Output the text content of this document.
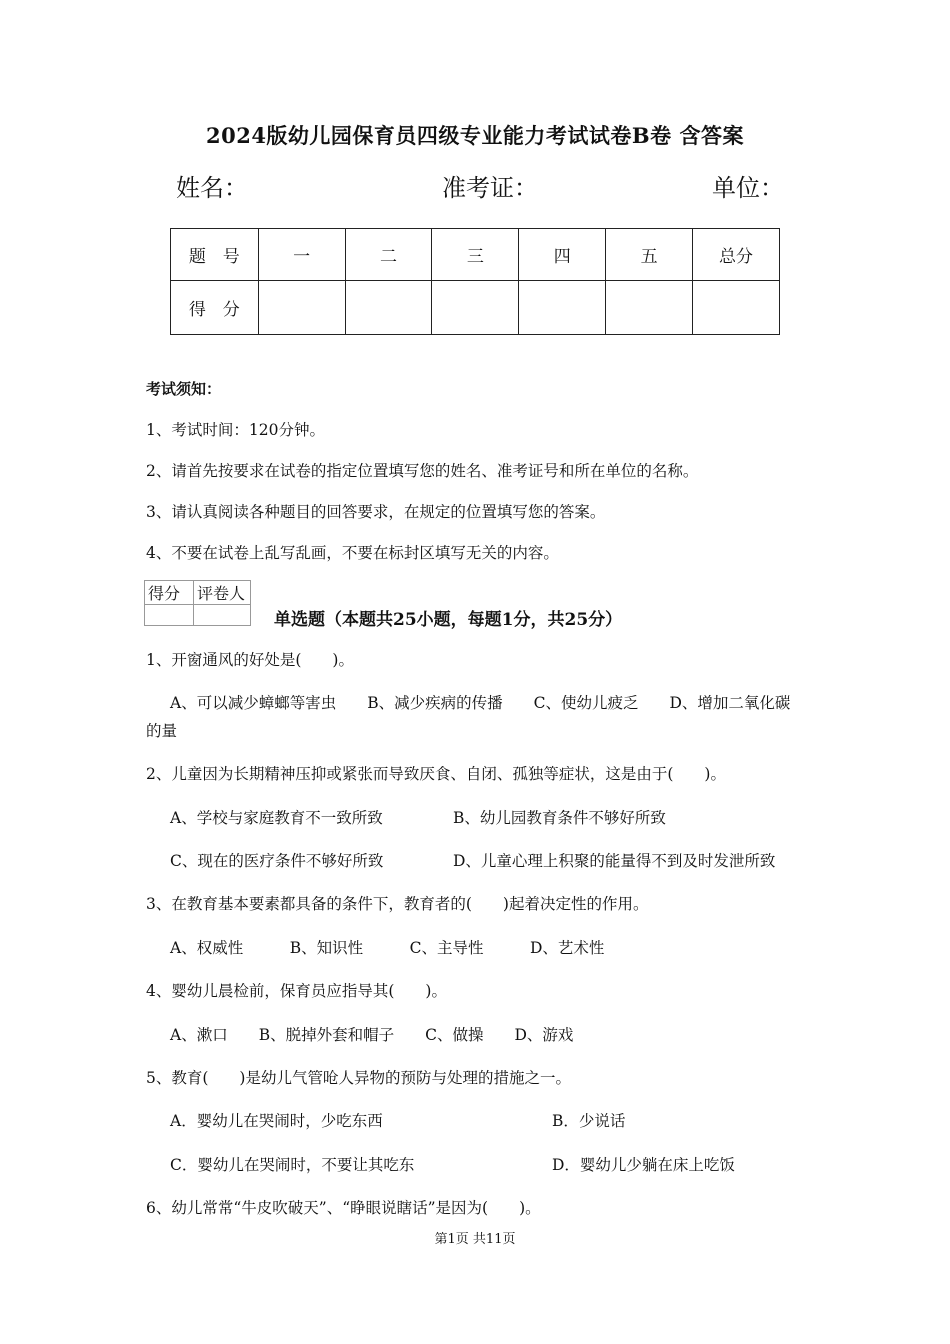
2024版幼儿园保育员四级专业能力考试试卷B卷 含答案
姓名：	准考证：	单位：
题　号	一	二	三	四	五	总分
得　分						
考试须知：
1、考试时间：120分钟。
2、请首先按要求在试卷的指定位置填写您的姓名、准考证号和所在单位的名称。
3、请认真阅读各种题目的回答要求，在规定的位置填写您的答案。
4、不要在试卷上乱写乱画，不要在标封区填写无关的内容。
得分	评卷人

单选题（本题共25小题，每题1分，共25分）
1、开窗通风的好处是(　　)。
A、可以减少蟑螂等害虫　　B、减少疾病的传播　　C、使幼儿疲乏　　D、增加二氧化碳
的量
2、儿童因为长期精神压抑或紧张而导致厌食、自闭、孤独等症状，这是由于(　　)。
A、学校与家庭教育不一致所致	B、幼儿园教育条件不够好所致
C、现在的医疗条件不够好所致	D、儿童心理上积聚的能量得不到及时发泄所致
3、在教育基本要素都具备的条件下，教育者的(　　)起着决定性的作用。
A、权威性　　　B、知识性　　　C、主导性　　　D、艺术性
4、婴幼儿晨检前，保育员应指导其(　　)。
A、漱口　　B、脱掉外套和帽子　　C、做操　　D、游戏
5、教育(　　)是幼儿气管呛人异物的预防与处理的措施之一。
A．婴幼儿在哭闹时，少吃东西	B．少说话
C．婴幼儿在哭闹时，不要让其吃东	D．婴幼儿少躺在床上吃饭
6、幼儿常常“牛皮吹破天”、“睁眼说瞎话”是因为(　　)。
第1页 共11页
